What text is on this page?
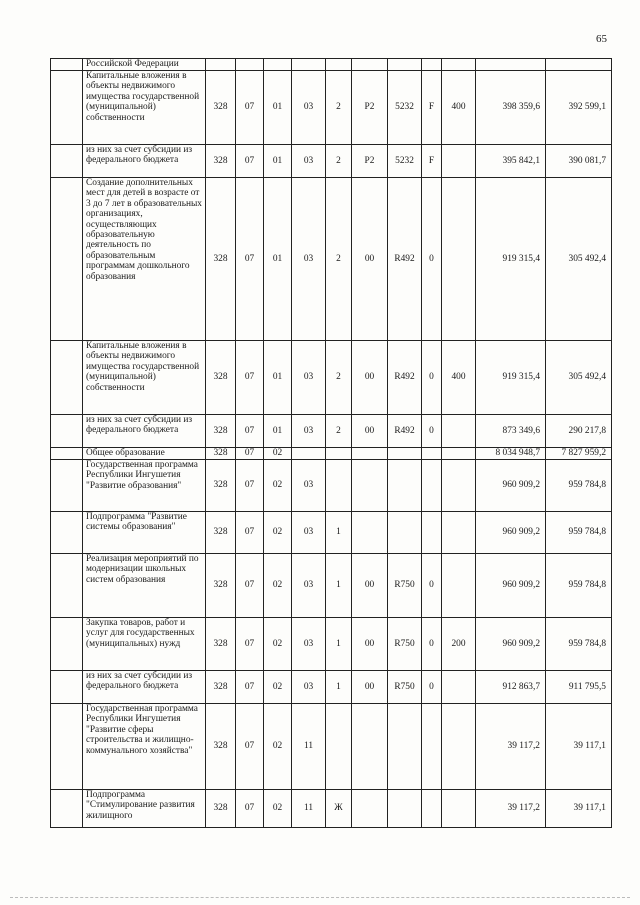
65
	Российской Федерации											
	Капитальные вложения в объекты недвижимого имущества государственной (муниципальной) собственности	328	07	01	03	2	P2	5232	F	400	398 359,6	392 599,1
	из них за счет субсидии из федерального бюджета	328	07	01	03	2	P2	5232	F		395 842,1	390 081,7
	Создание дополнительных мест для детей в возрасте от 3 до 7 лет в образовательных организациях, осуществляющих образовательную деятельность по образовательным программам дошкольного образования	328	07	01	03	2	00	R492	0		919 315,4	305 492,4
	Капитальные вложения в объекты недвижимого имущества государственной (муниципальной) собственности	328	07	01	03	2	00	R492	0	400	919 315,4	305 492,4
	из них за счет субсидии из федерального бюджета	328	07	01	03	2	00	R492	0		873 349,6	290 217,8
	Общее образование	328	07	02							8 034 948,7	7 827 959,2
	Государственная программа Республики Ингушетия "Развитие образования"	328	07	02	03						960 909,2	959 784,8
	Подпрограмма "Развитие системы образования"	328	07	02	03	1					960 909,2	959 784,8
	Реализация мероприятий по модернизации школьных систем образования	328	07	02	03	1	00	R750	0		960 909,2	959 784,8
	Закупка товаров, работ и услуг для государственных (муниципальных) нужд	328	07	02	03	1	00	R750	0	200	960 909,2	959 784,8
	из них за счет субсидии из федерального бюджета	328	07	02	03	1	00	R750	0		912 863,7	911 795,5
	Государственная программа Республики Ингушетия "Развитие сферы строительства и жилищно-коммунального хозяйства"	328	07	02	11						39 117,2	39 117,1
	Подпрограмма "Стимулирование развития жилищного	328	07	02	11	Ж					39 117,2	39 117,1
